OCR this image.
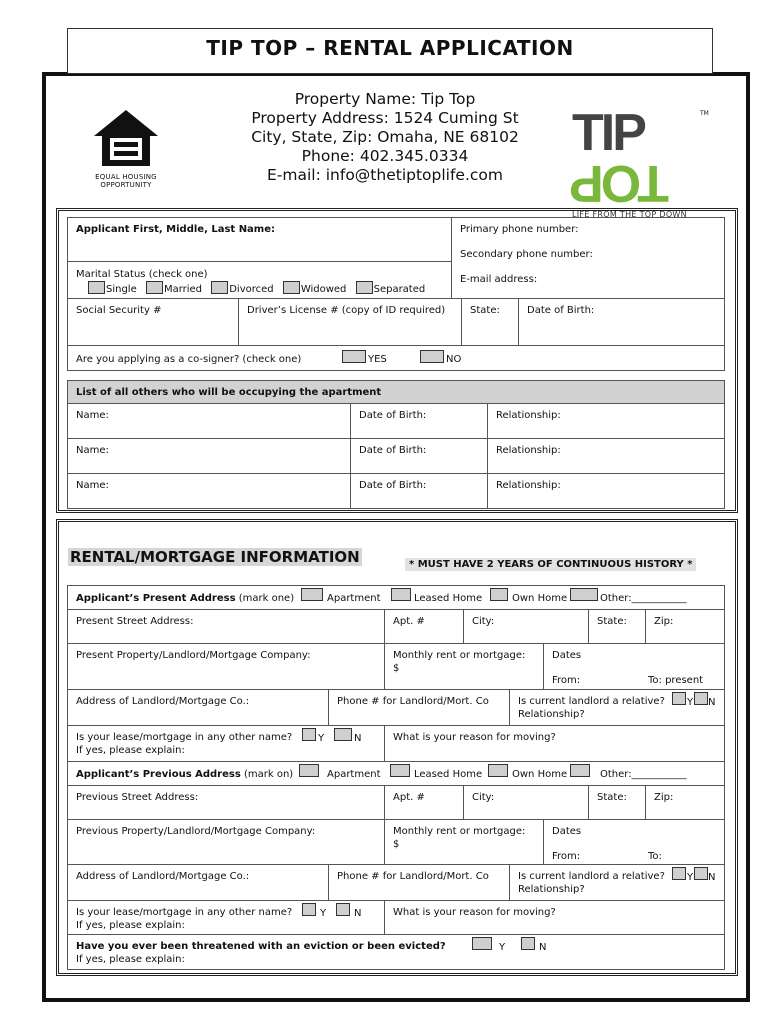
TIP TOP – RENTAL APPLICATION
EQUAL HOUSING
OPPORTUNITY
Property Name: Tip Top
Property Address: 1524 Cuming St
City, State, Zip: Omaha, NE 68102
Phone: 402.345.0334
E-mail: info@thetiptoplife.com
TIPTOP
TM
LIFE FROM THE TOP DOWN
Applicant First, Middle, Last Name:	Primary phone number:
Secondary phone number:
E-mail address:
Marital Status (check one)
Single	Married	Divorced	Widowed	Separated
Social Security #	Driver’s License # (copy of ID required)	State:	Date of Birth:
Are you applying as a co-signer? (check one)	YES	NO
List of all others who will be occupying the apartment
Name:	Date of Birth:	Relationship:
Name:	Date of Birth:	Relationship:
Name:	Date of Birth:	Relationship:
RENTAL/MORTGAGE INFORMATION	* MUST HAVE 2 YEARS OF CONTINUOUS HISTORY *
Applicant’s Present Address (mark one)	Apartment	Leased Home	Own Home	Other:___________
Present Street Address:	Apt. #	City:	State:	Zip:
Present Property/Landlord/Mortgage Company:	Monthly rent or mortgage:
$
Dates
From:	To: present
Address of Landlord/Mortgage Co.:	Phone # for Landlord/Mort. Co	Is current landlord a relative?
Relationship?
Y N
Is your lease/mortgage in any other name?
If yes, please explain:
Y	N	What is your reason for moving?
Applicant’s Previous Address (mark on)	Apartment	Leased Home	Own Home	Other:___________
Previous Street Address:	Apt. #	City:	State:	Zip:
Previous Property/Landlord/Mortgage Company:	Monthly rent or mortgage:
$
Dates
From:	To:
Address of Landlord/Mortgage Co.:	Phone # for Landlord/Mort. Co	Is current landlord a relative?
Relationship?
Y N
Is your lease/mortgage in any other name?
If yes, please explain:
Y	N	What is your reason for moving?
Have you ever been threatened with an eviction or been evicted?
If yes, please explain:
Y	N
